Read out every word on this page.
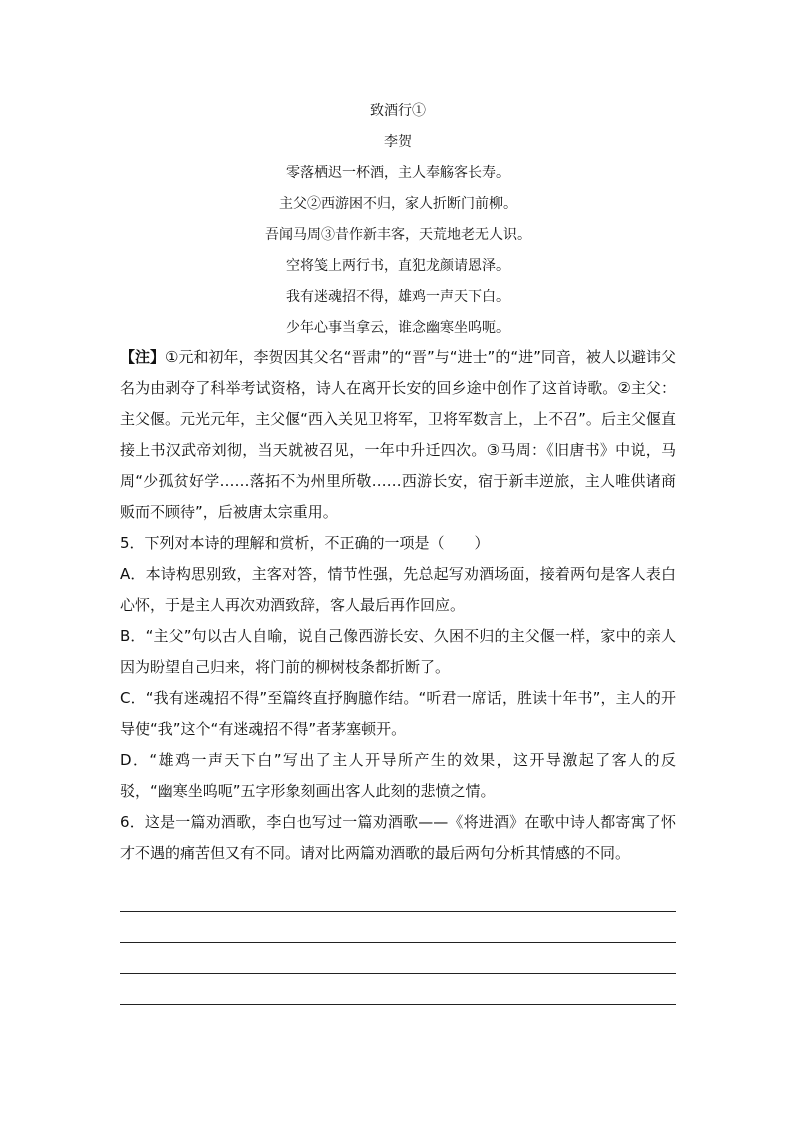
致酒行①
李贺
零落栖迟一杯酒，主人奉觞客长寿。
主父②西游困不归，家人折断门前柳。
吾闻马周③昔作新丰客，天荒地老无人识。
空将笺上两行书，直犯龙颜请恩泽。
我有迷魂招不得，雄鸡一声天下白。
少年心事当拿云，谁念幽寒坐呜呃。

【注】①元和初年，李贺因其父名“晋肃”的“晋”与“进士”的“进”同音，被人以避讳父名为由剥夺了科举考试资格，诗人在离开长安的回乡途中创作了这首诗歌。②主父：主父偃。元光元年，主父偃“西入关见卫将军，卫将军数言上，上不召”。后主父偃直接上书汉武帝刘彻，当天就被召见，一年中升迁四次。③马周：《旧唐书》中说，马周“少孤贫好学……落拓不为州里所敬……西游长安，宿于新丰逆旅，主人唯供诸商贩而不顾待”，后被唐太宗重用。

5．下列对本诗的理解和赏析，不正确的一项是（　　）

A．本诗构思别致，主客对答，情节性强，先总起写劝酒场面，接着两句是客人表白心怀，于是主人再次劝酒致辞，客人最后再作回应。

B．“主父”句以古人自喻，说自己像西游长安、久困不归的主父偃一样，家中的亲人因为盼望自己归来，将门前的柳树枝条都折断了。

C．“我有迷魂招不得”至篇终直抒胸臆作结。“听君一席话，胜读十年书”，主人的开导使“我”这个“有迷魂招不得”者茅塞顿开。

D．“雄鸡一声天下白”写出了主人开导所产生的效果，这开导激起了客人的反驳，“幽寒坐呜呃”五字形象刻画出客人此刻的悲愤之情。

6．这是一篇劝酒歌，李白也写过一篇劝酒歌——《将进酒》在歌中诗人都寄寓了怀才不遇的痛苦但又有不同。请对比两篇劝酒歌的最后两句分析其情感的不同。
